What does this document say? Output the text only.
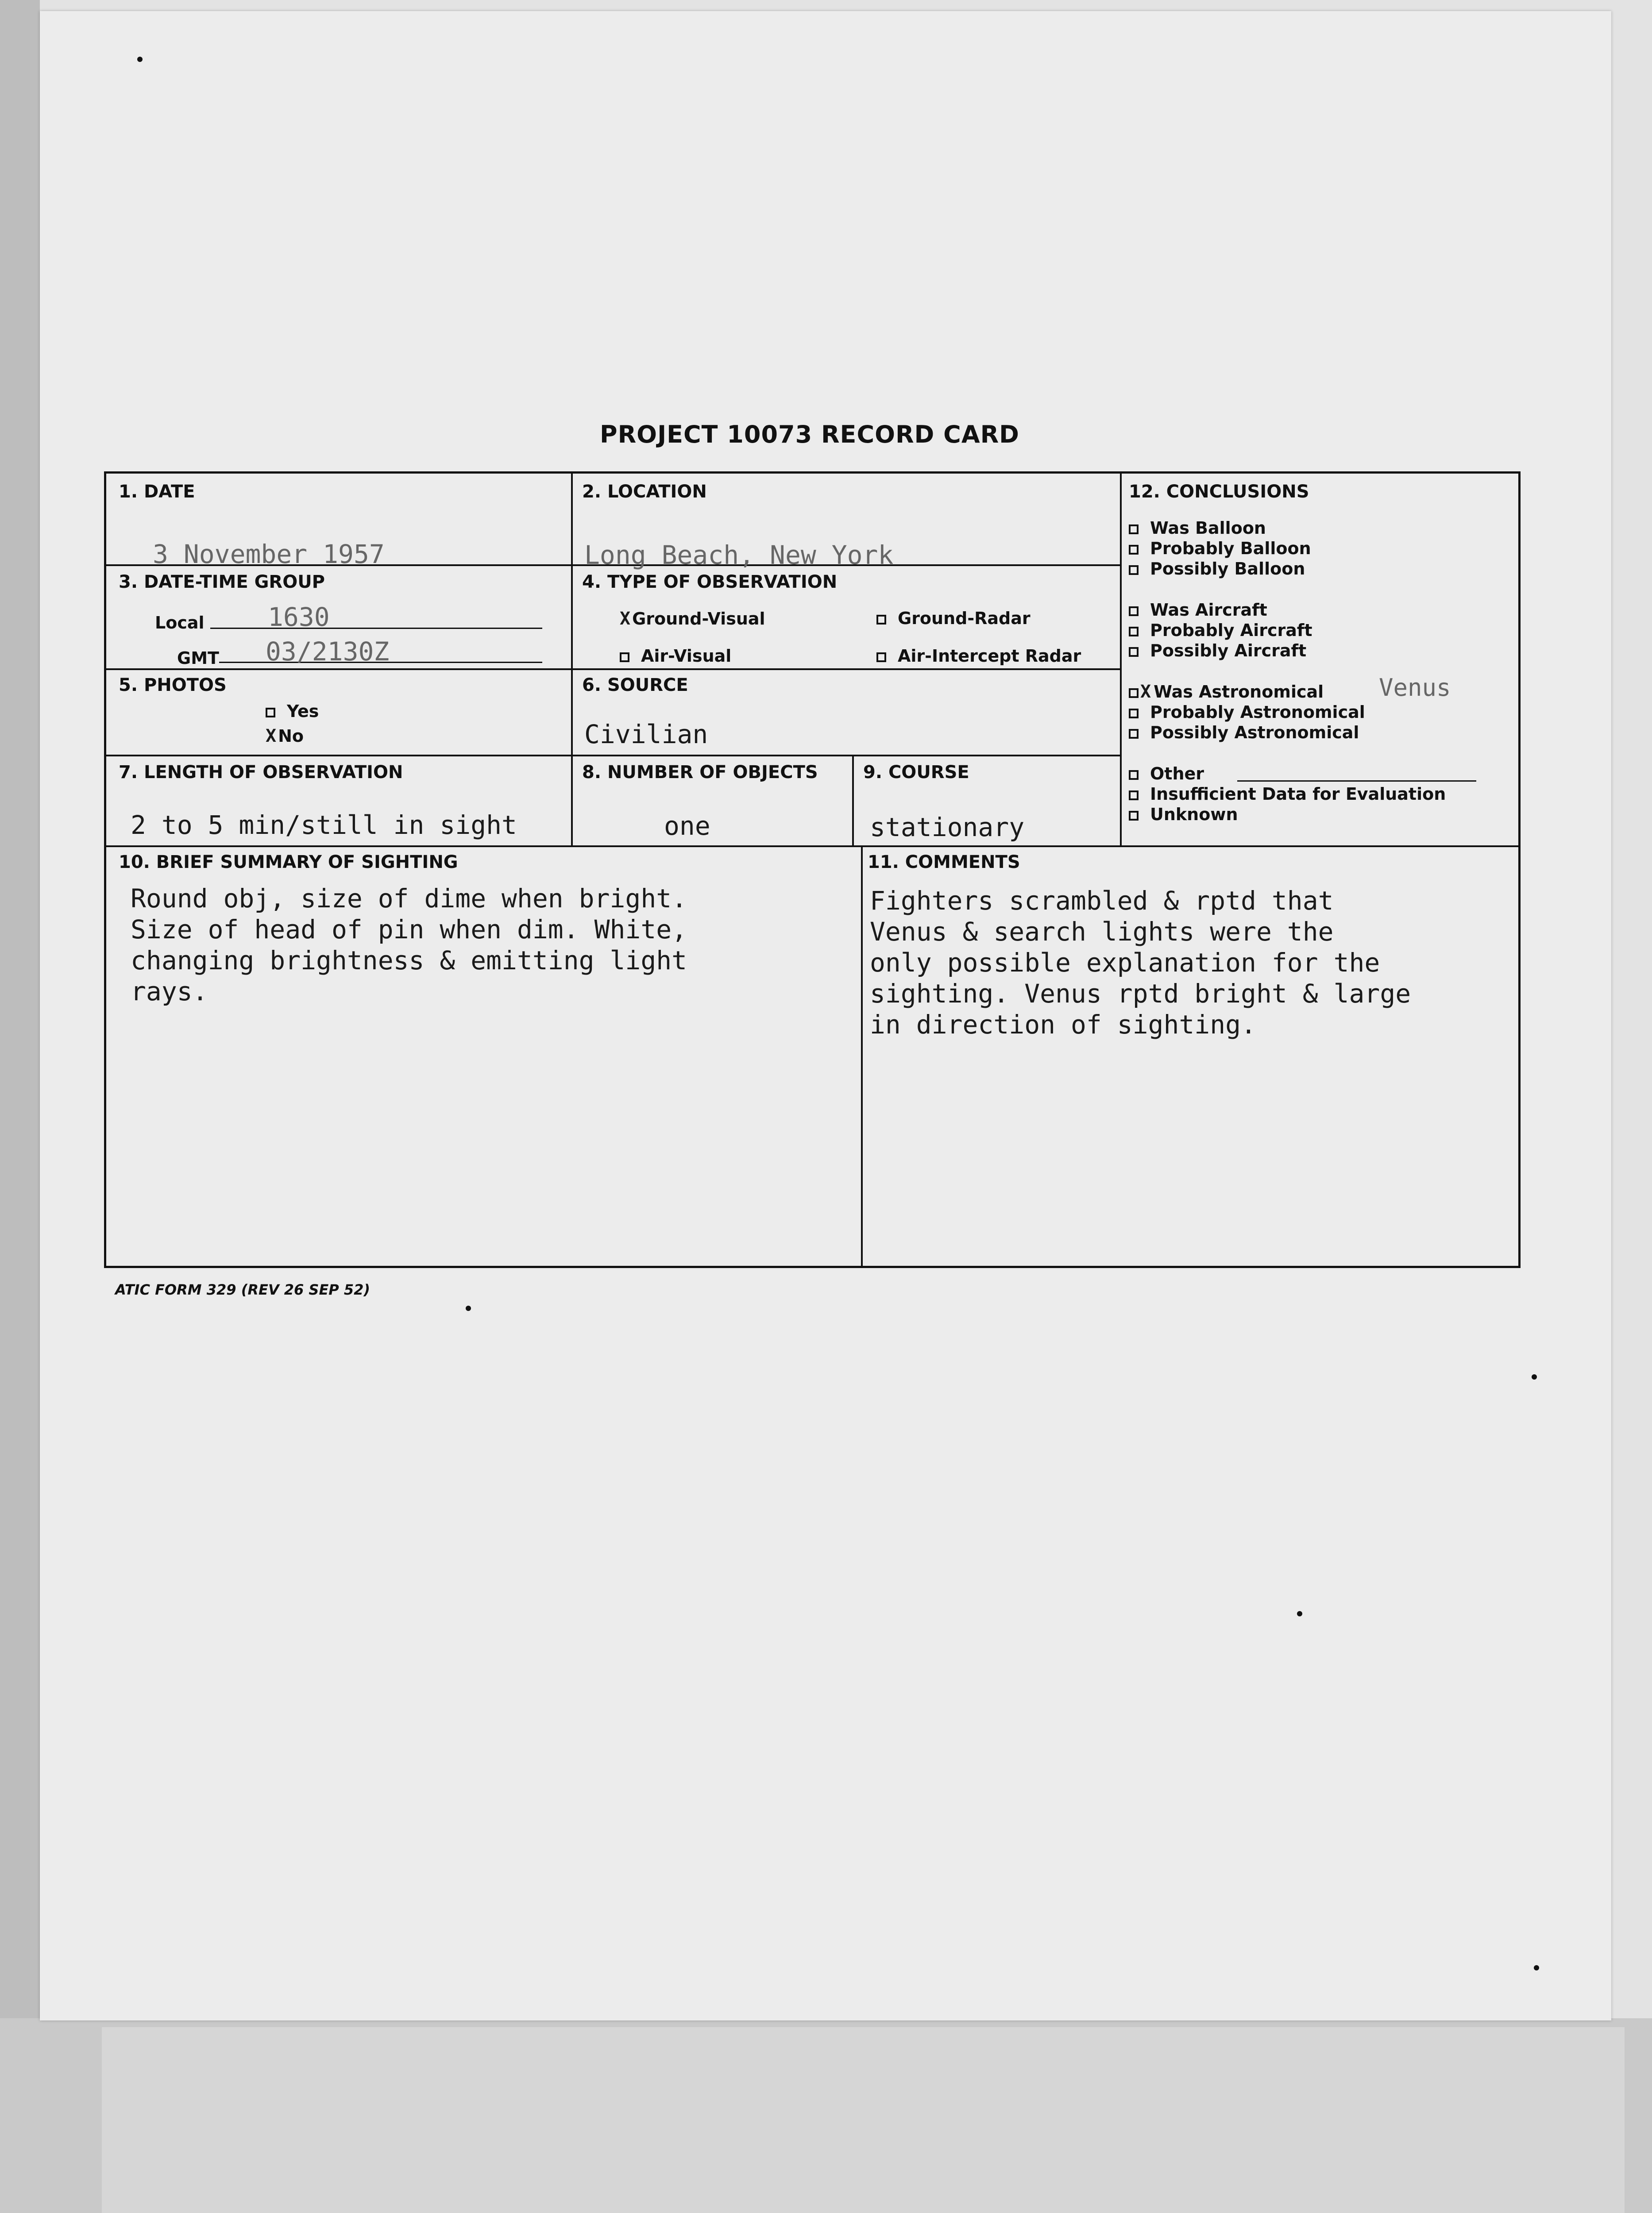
PROJECT 10073 RECORD CARD
1. DATE
3 November 1957
2. LOCATION
Long Beach, New York
3. DATE-TIME GROUP
Local 1630
GMT 03/2130Z
4. TYPE OF OBSERVATION
X Ground-Visual	Ground-Radar
Air-Visual	Air-Intercept Radar
5. PHOTOS
Yes
X No
6. SOURCE
Civilian
7. LENGTH OF OBSERVATION
2 to 5 min/still in sight
8. NUMBER OF OBJECTS
one
9. COURSE
stationary
10. BRIEF SUMMARY OF SIGHTING
Round obj, size of dime when bright.
Size of head of pin when dim. White,
changing brightness & emitting light
rays.
11. COMMENTS
Fighters scrambled & rptd that
Venus & search lights were the
only possible explanation for the
sighting. Venus rptd bright & large
in direction of sighting.
12. CONCLUSIONS
Was Balloon
Probably Balloon
Possibly Balloon
Was Aircraft
Probably Aircraft
Possibly Aircraft
X Was Astronomical Venus
Probably Astronomical
Possibly Astronomical
Other
Insufficient Data for Evaluation
Unknown
ATIC FORM 329 (REV 26 SEP 52)
